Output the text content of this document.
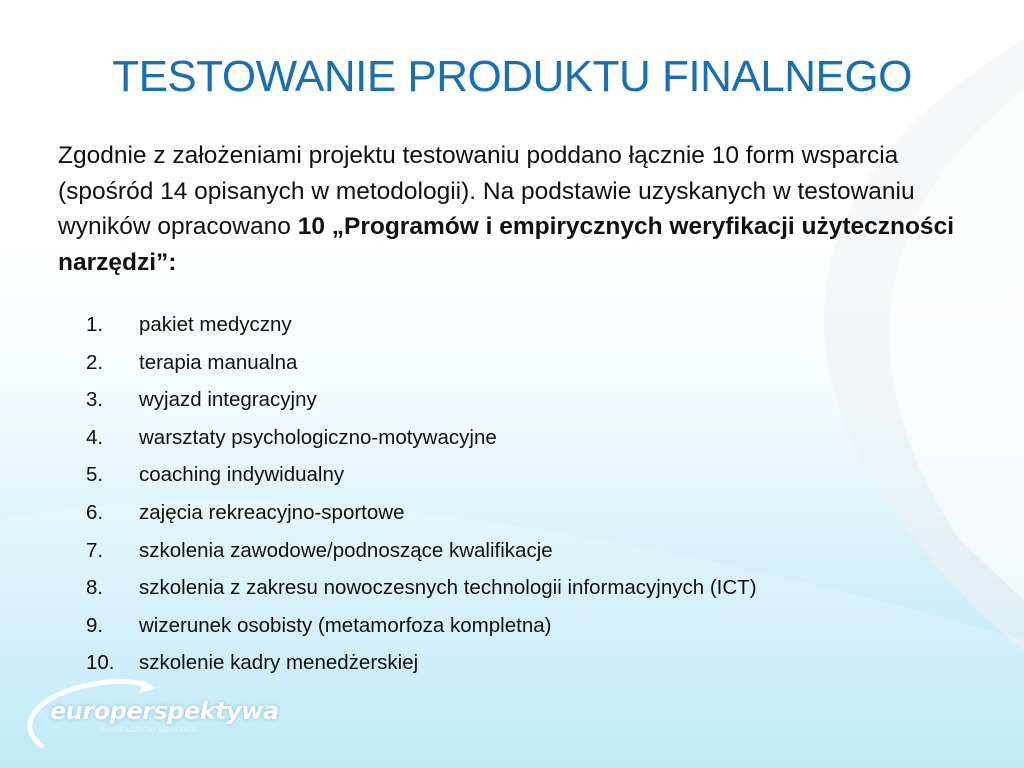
TESTOWANIE PRODUKTU FINALNEGO
Zgodnie z założeniami projektu testowaniu poddano łącznie 10 form wsparcia (spośród 14 opisanych w metodologii). Na podstawie uzyskanych w testowaniu wyników opracowano 10 „Programów i empirycznych weryfikacji użyteczności narzędzi”:
1.	pakiet medyczny
2.	terapia manualna
3.	wyjazd integracyjny
4.	warsztaty psychologiczno-motywacyjne
5.	coaching indywidualny
6.	zajęcia rekreacyjno-sportowe
7.	szkolenia zawodowe/podnoszące kwalifikacje
8.	szkolenia z zakresu nowoczesnych technologii informacyjnych (ICT)
9.	wizerunek osobisty (metamorfoza kompletna)
10.	szkolenie kadry menedżerskiej
europerspektywa
INSPIRACJA DO DZIAŁANIA
